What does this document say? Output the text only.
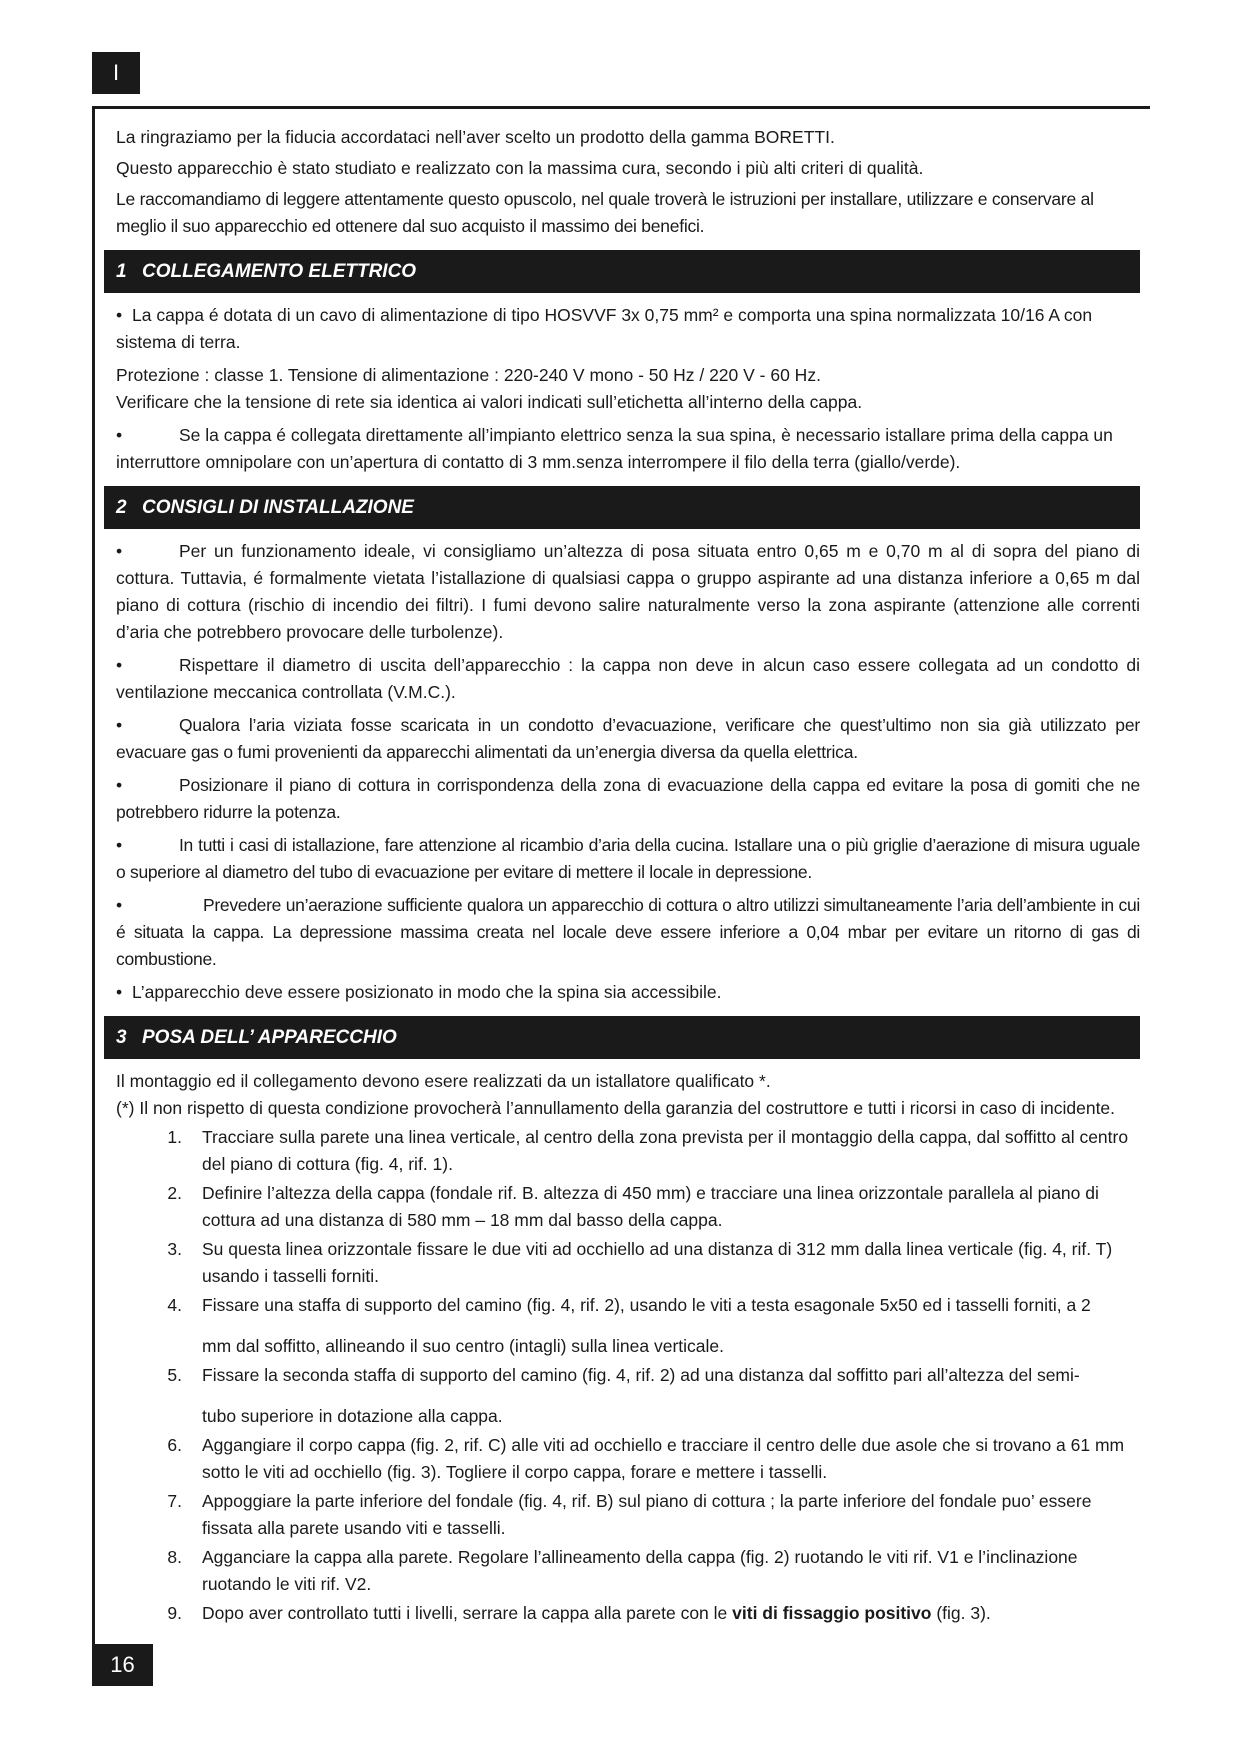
I
16

La ringraziamo per la fiducia accordataci nell’aver scelto un prodotto della gamma BORETTI.

Questo apparecchio è stato studiato e realizzato con la massima cura, secondo i più alti criteri di qualità.

Le raccomandiamo di leggere attentamente questo opuscolo, nel quale troverà le istruzioni per installare, utilizzare e conservare al meglio il suo apparecchio ed ottenere dal suo acquisto il massimo dei benefici.

1 COLLEGAMENTO ELETTRICO

• La cappa é dotata di un cavo di alimentazione di tipo HOSVVF 3x 0,75 mm² e comporta una spina normalizzata 10/16 A con sistema di terra.

Protezione : classe 1. Tensione di alimentazione : 220-240 V mono - 50 Hz / 220 V - 60 Hz.

Verificare che la tensione di rete sia identica ai valori indicati sull’etichetta all’interno della cappa.

•	Se la cappa é collegata direttamente all’impianto elettrico senza la sua spina, è necessario istallare prima della cappa un interruttore omnipolare con un’apertura di contatto di 3 mm.senza interrompere il filo della terra (giallo/verde).

2 CONSIGLI DI INSTALLAZIONE

•	Per un funzionamento ideale, vi consigliamo un’altezza di posa situata entro 0,65 m e 0,70 m al di sopra del piano di cottura. Tuttavia, é formalmente vietata l’istallazione di qualsiasi cappa o gruppo aspirante ad una distanza inferiore a 0,65 m dal piano di cottura (rischio di incendio dei filtri). I fumi devono salire naturalmente verso la zona aspirante (attenzione alle correnti d’aria che potrebbero provocare delle turbolenze).

•	Rispettare il diametro di uscita dell’apparecchio : la cappa non deve in alcun caso essere collegata ad un condotto di ventilazione meccanica controllata (V.M.C.).

•	Qualora l’aria viziata fosse scaricata in un condotto d’evacuazione, verificare che quest’ultimo non sia già utilizzato per evacuare gas o fumi provenienti da apparecchi alimentati da un’energia diversa da quella elettrica.

•	Posizionare il piano di cottura in corrispondenza della zona di evacuazione della cappa ed evitare la posa di gomiti che ne potrebbero ridurre la potenza.

•	In tutti i casi di istallazione, fare attenzione al ricambio d’aria della cucina. Istallare una o più griglie d’aerazione di misura uguale o superiore al diametro del tubo di evacuazione per evitare di mettere il locale in depressione.

•	Prevedere un’aerazione sufficiente qualora un apparecchio di cottura o altro utilizzi simultaneamente l’aria dell’ambiente in cui é situata la cappa. La depressione massima creata nel locale deve essere inferiore a 0,04 mbar per evitare un ritorno di gas di combustione.

• L’apparecchio deve essere posizionato in modo che la spina sia accessibile.

3 POSA DELL’ APPARECCHIO

Il montaggio ed il collegamento devono esere realizzati da un istallatore qualificato *.

(*) Il non rispetto di questa condizione provocherà l’annullamento della garanzia del costruttore e tutti i ricorsi in caso di incidente.

1.	Tracciare sulla parete una linea verticale, al centro della zona prevista per il montaggio della cappa, dal soffitto al centro del piano di cottura (fig. 4, rif. 1).
2.	Definire l’altezza della cappa (fondale rif. B. altezza di 450 mm) e tracciare una linea orizzontale parallela al piano di cottura ad una distanza di 580 mm – 18 mm dal basso della cappa.
3.	Su questa linea orizzontale fissare le due viti ad occhiello ad una distanza di 312 mm dalla linea verticale (fig. 4, rif. T) usando i tasselli forniti.
4.	Fissare una staffa di supporto del camino (fig. 4, rif. 2), usando le viti a testa esagonale 5x50 ed i tasselli forniti, a 2
mm dal soffitto, allineando il suo centro (intagli) sulla linea verticale.
5.	Fissare la seconda staffa di supporto del camino (fig. 4, rif. 2) ad una distanza dal soffitto pari all’altezza del semi-
tubo superiore in dotazione alla cappa.
6.	Aggangiare il corpo cappa (fig. 2, rif. C) alle viti ad occhiello e tracciare il centro delle due asole che si trovano a 61 mm sotto le viti ad occhiello (fig. 3). Togliere il corpo cappa, forare e mettere i tasselli.
7.	Appoggiare la parte inferiore del fondale (fig. 4, rif. B) sul piano di cottura ; la parte inferiore del fondale puo’ essere fissata alla parete usando viti e tasselli.
8.	Agganciare la cappa alla parete. Regolare l’allineamento della cappa (fig. 2) ruotando le viti rif. V1 e l’inclinazione ruotando le viti rif. V2.
9.	Dopo aver controllato tutti i livelli, serrare la cappa alla parete con le viti di fissaggio positivo (fig. 3).
